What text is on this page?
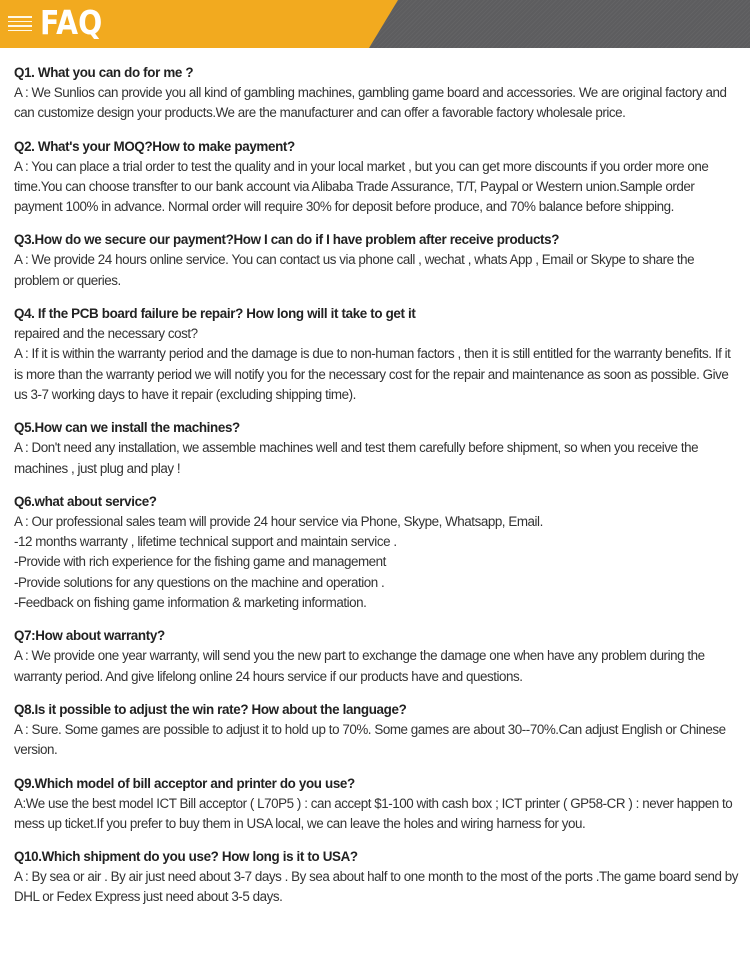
FAQ
Q1. What you can do for me ?
A : We Sunlios can provide you all kind of gambling machines, gambling game board and accessories. We are original factory and can customize design your products.We are the manufacturer and can offer a favorable factory wholesale price.
Q2. What's your MOQ?How to make payment?
A : You can place a trial order to test the quality and in your local market , but you can get more discounts if you order more one time.You can choose transfter to our bank account via Alibaba Trade Assurance, T/T, Paypal or Western union.Sample order payment 100% in advance. Normal order will require 30% for deposit before produce, and 70% balance before shipping.
Q3.How do we secure our payment?How I can do if I have problem after receive products?
A : We provide 24 hours online service. You can contact us via phone call , wechat , whats App , Email or Skype to share the problem or queries.
Q4. If the PCB board failure be repair? How long will it take to get it
repaired and the necessary cost?
A : If it is within the warranty period and the damage is due to non-human factors , then it is still entitled for the warranty benefits. If it is more than the warranty period we will notify you for the necessary cost for the repair and maintenance as soon as possible. Give us 3-7 working days to have it repair (excluding shipping time).
Q5.How can we install the machines?
A : Don't need any installation, we assemble machines well and test them carefully before shipment, so when you receive the machines , just plug and play !
Q6.what about service?
A : Our professional sales team will provide 24 hour service via Phone, Skype, Whatsapp, Email.
-12 months warranty , lifetime technical support and maintain service .
-Provide with rich experience for the fishing game and management
-Provide solutions for any questions on the machine and operation .
-Feedback on fishing game information & marketing information.
Q7:How about warranty?
A : We provide one year warranty, will send you the new part to exchange the damage one when have any problem during the warranty period. And give lifelong online 24 hours service if our products have and questions.
Q8.Is it possible to adjust the win rate? How about the language?
A : Sure. Some games are possible to adjust it to hold up to 70%. Some games are about 30--70%.Can adjust English or Chinese version.
Q9.Which model of bill acceptor and printer do you use?
A:We use the best model ICT Bill acceptor ( L70P5 ) : can accept $1-100 with cash box ; ICT printer ( GP58-CR ) : never happen to mess up ticket.If you prefer to buy them in USA local, we can leave the holes and wiring harness for you.
Q10.Which shipment do you use? How long is it to USA?
A : By sea or air . By air just need about 3-7 days . By sea about half to one month to the most of the ports .The game board send by DHL or Fedex Express just need about 3-5 days.
